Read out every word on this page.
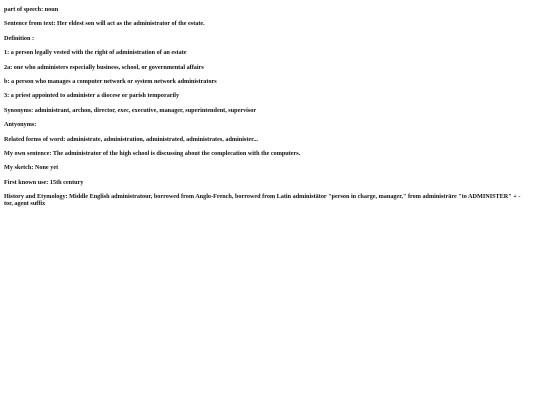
part of speech: noun

Sentence from text: Her eldest son will act as the administrator of the estate.

Definition :

1: a person legally vested with the right of administration of an estate

2a: one who administers especially business, school, or governmental affairs

b: a person who manages a computer network or system network administrators

3: a priest appointed to administer a diocese or parish temporarily

Synonyms: administrant, archon, director, exec, executive, manager, superintendent, supervisor

Antyonyms:

Related forms of word: administrate, administration, administrated, administrates, administer...

My own sentence: The administrator of the high school is discussing about the complecation with the computers.

My sketch: None yet

First known use: 15th century

History and Etymology: Middle English administratour, borrowed from Anglo-French, borrowed from Latin administātor "person in charge, manager," from administrāre "to ADMINISTER" + -tor, agent suffix
